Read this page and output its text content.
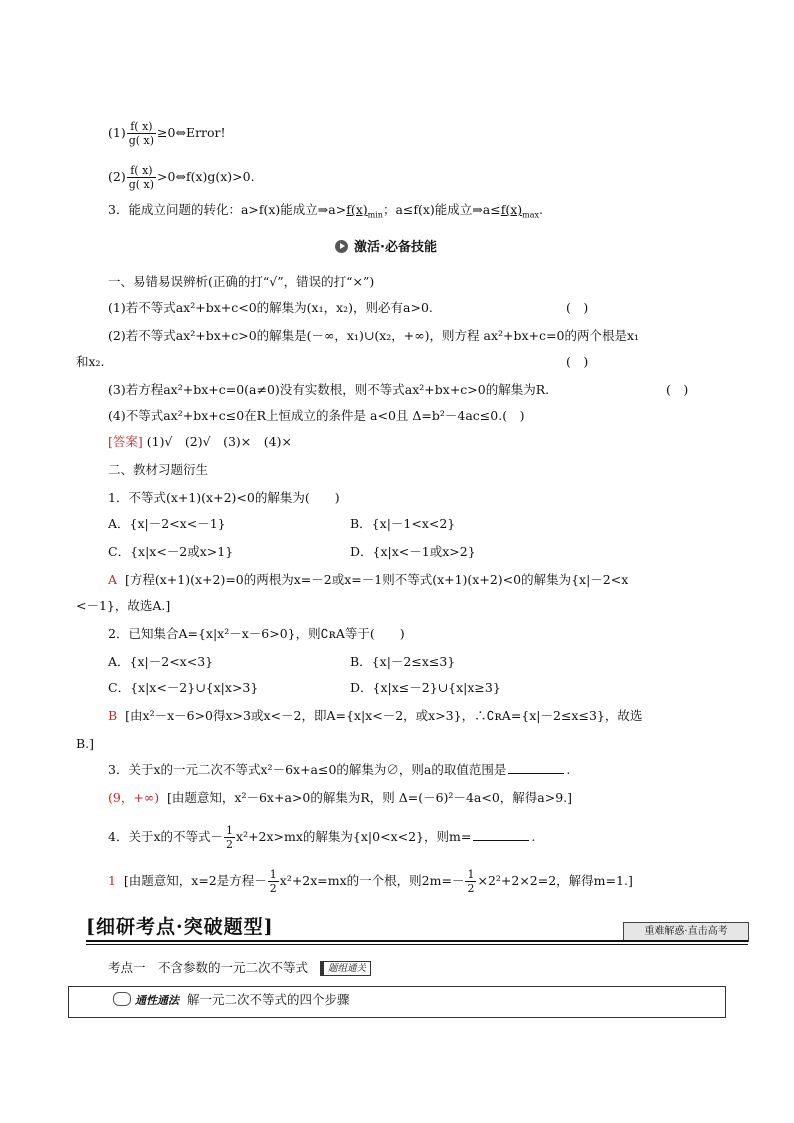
$(1) \frac{f( x)}{g( x)}$ ≥0⇔Error!
$(2) \frac{f( x)}{g( x)}$ >0⇔f(x)g(x)>0.
3．能成立问题的转化：a>f(x)能成立$\Rightarrow a>f(x)_{min}$；a≤f(x)能成立$\Rightarrow a\le f(x)_{max}$.
激活·必备技能
一、易错易误辨析(正确的打“√”，错误的打“×”)
(1)若不等式ax²+bx+c<0的解集为(x₁，x₂)，则必有a>0.	(　)
(2)若不等式ax²+bx+c>0的解集是(－∞，x₁)∪(x₂，+∞)，则方程 ax²+bx+c=0的两个根是x₁
和x₂.	(　)
(3)若方程ax²+bx+c=0(a≠0)没有实数根，则不等式ax²+bx+c>0的解集为R.	(　)
(4)不等式ax²+bx+c≤0在R上恒成立的条件是 a<0且 Δ=b²－4ac≤0.(　)
[答案] (1)√　(2)√　(3)×　(4)×
二、教材习题衍生
1．不等式(x+1)(x+2)<0的解集为(　　)
A．{x|－2<x<－1}	B．{x|－1<x<2}
C．{x|x<－2或x>1}	D．{x|x<－1或x>2}
A [方程(x+1)(x+2)=0的两根为x=－2或x=－1则不等式(x+1)(x+2)<0的解集为{x|－2<x
<－1}，故选A.]
2．已知集合A={x|x²－x－6>0}，则∁ʀA等于(　　)
A．{x|－2<x<3}	B．{x|－2≤x≤3}
C．{x|x<－2}∪{x|x>3}	D．{x|x≤－2}∪{x|x≥3}
B [由x²－x－6>0得x>3或x<－2，即A={x|x<－2，或x>3}，∴∁ʀA={x|－2≤x≤3}，故选
B.]
3．关于x的一元二次不等式x²－6x+a≤0的解集为∅，则a的取值范围是	.
(9，+∞) [由题意知，x²－6x+a>0的解集为R，则 Δ=(－6)²－4a<0，解得a>9.]
4．关于x的不等式－ $\frac{1}{2} x^2+2x>mx$的解集为{x|0<x<2}，则m=	.
1 [由题意知，x=2是方程－ $\frac{1}{2} x^2+2x=mx$的一个根，则$2m=- \frac{1}{2} \times 2^2+2\times 2=2$，解得m=1.]
[细研考点·突破题型]	重难解惑·直击高考
考点一　不含参数的一元二次不等式 题组通关
通性通法 解一元二次不等式的四个步骤
